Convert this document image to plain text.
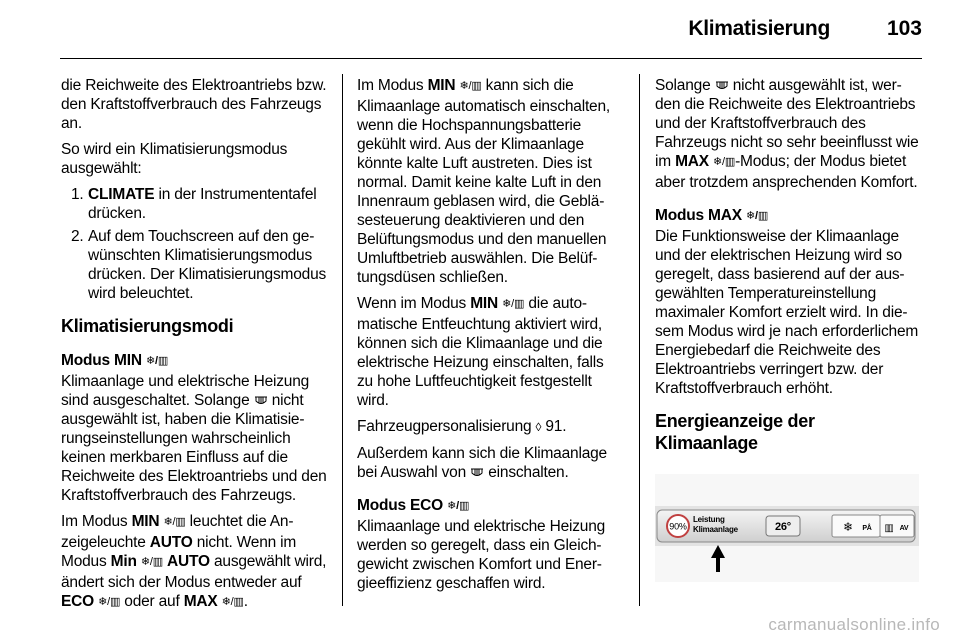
Klimatisierung	103

die Reichweite des Elektroantriebs bzw. den Kraftstoffverbrauch des Fahrzeugs an.

So wird ein Klimatisierungsmodus ausgewählt:

1. CLIMATE in der Instrumententafel drücken.
2. Auf dem Touchscreen auf den gewünschten Klimatisierungsmodus drücken. Der Klimatisierungsmodus wird beleuchtet.
Klimatisierungsmodi
Modus MIN ❄/▥

Klimaanlage und elektrische Heizung sind ausgeschaltet. Solange  nicht ausgewählt ist, haben die Klimatisierungseinstellungen wahrscheinlich keinen merkbaren Einfluss auf die Reichweite des Elektroantriebs und den Kraftstoffverbrauch des Fahrzeugs.

Im Modus MIN ❄/▥ leuchtet die Anzeigeleuchte AUTO nicht. Wenn im Modus Min ❄/▥ AUTO ausgewählt wird, ändert sich der Modus entweder auf ECO ❄/▥ oder auf MAX ❄/▥.

Im Modus MIN ❄/▥ kann sich die Klimaanlage automatisch einschalten, wenn die Hochspannungsbatterie gekühlt wird. Aus der Klimaanlage könnte kalte Luft austreten. Dies ist normal. Damit keine kalte Luft in den Innenraum geblasen wird, die Gebläsesteuerung deaktivieren und den Belüftungsmodus und den manuellen Umluftbetrieb auswählen. Die Belüftungsdüsen schließen.

Wenn im Modus MIN ❄/▥ die automatische Entfeuchtung aktiviert wird, können sich die Klimaanlage und die elektrische Heizung einschalten, falls zu hohe Luftfeuchtigkeit festgestellt wird.

Fahrzeugpersonalisierung ◊ 91.

Außerdem kann sich die Klimaanlage bei Auswahl von  einschalten.

Modus ECO ❄/▥

Klimaanlage und elektrische Heizung werden so geregelt, dass ein Gleichgewicht zwischen Komfort und Energieeffizienz geschaffen wird.

Solange  nicht ausgewählt ist, werden die Reichweite des Elektroantriebs und der Kraftstoffverbrauch des Fahrzeugs nicht so sehr beeinflusst wie im MAX ❄/▥-Modus; der Modus bietet aber trotzdem ansprechenden Komfort.

Modus MAX ❄/▥

Die Funktionsweise der Klimaanlage und der elektrischen Heizung wird so geregelt, dass basierend auf der ausgewählten Temperatureinstellung maximaler Komfort erzielt wird. In diesem Modus wird je nach erforderlichem Energiebedarf die Reichweite des Elektroantriebs verringert bzw. der Kraftstoffverbrauch erhöht.

Energieanzeige der Klimaanlage
90%
Leistung
Klimaanlage	26°	❄ PÅ ▥ AV
carmanualsonline.info
